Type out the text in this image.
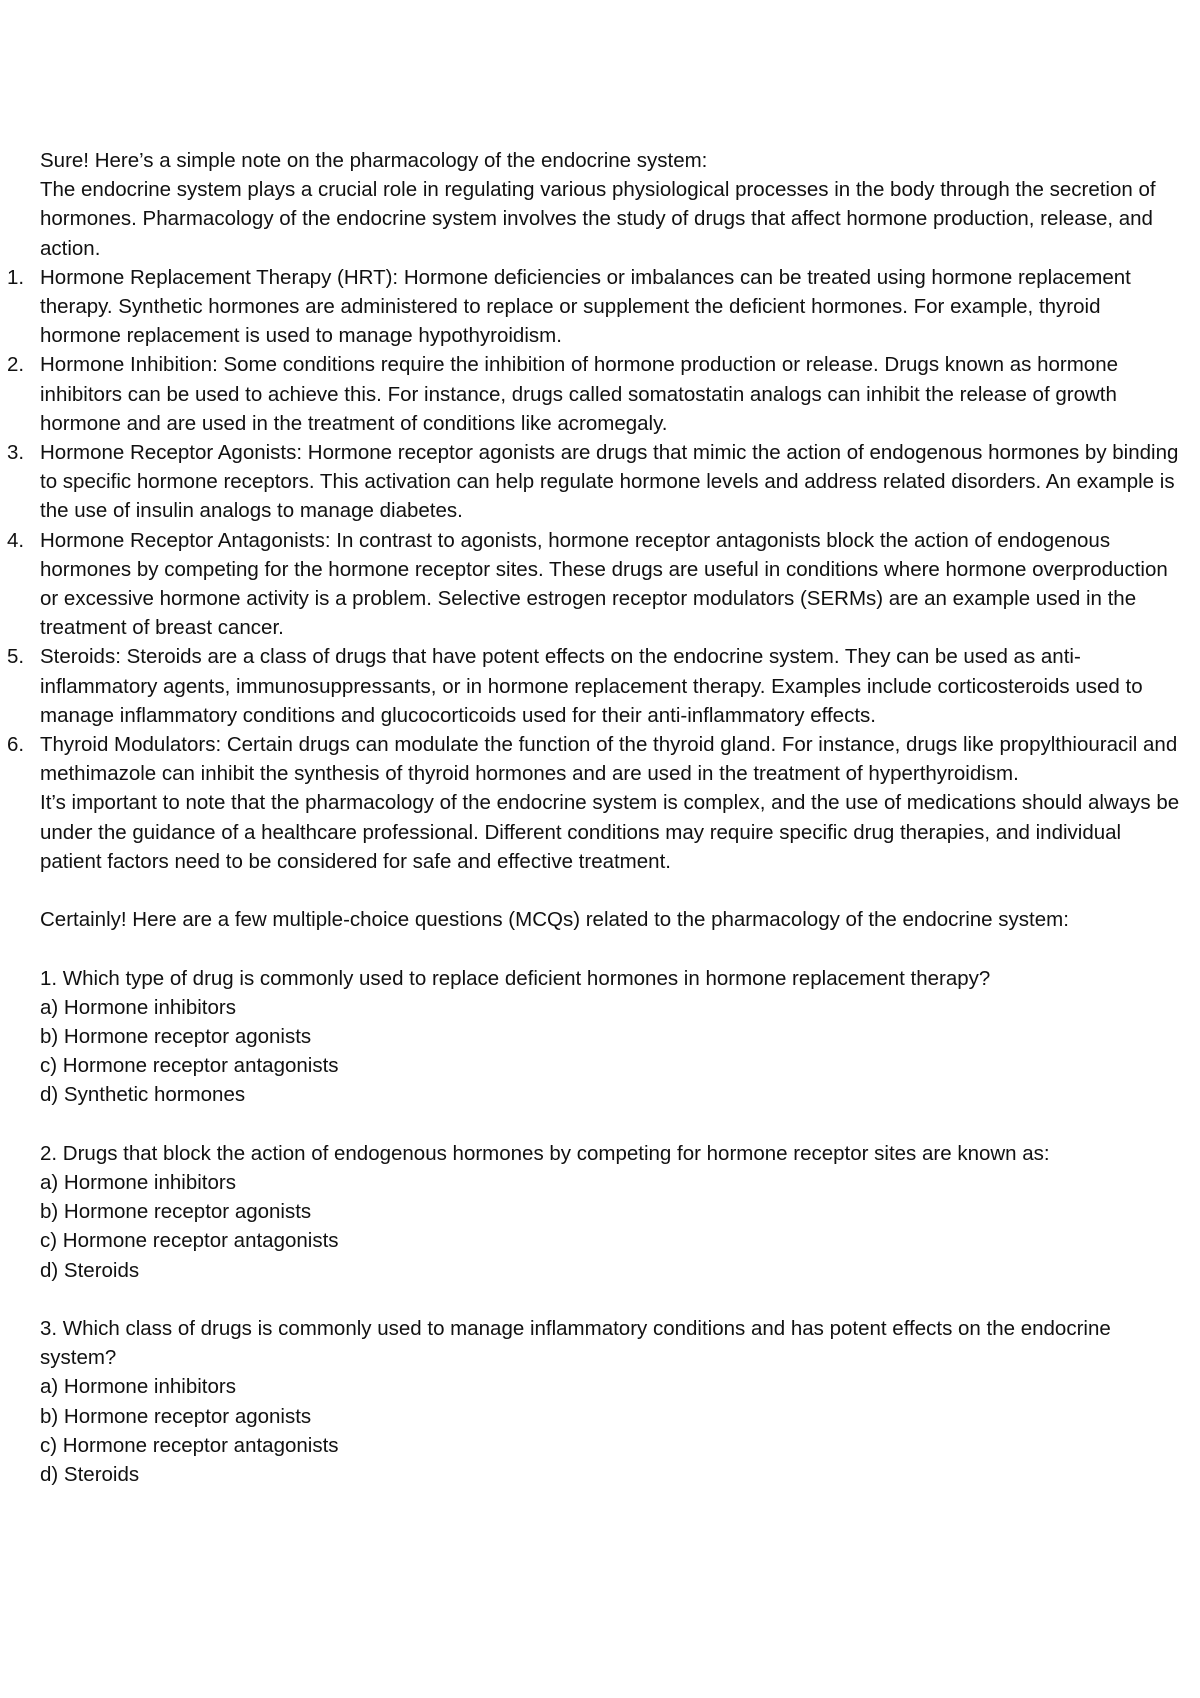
Sure! Here’s a simple note on the pharmacology of the endocrine system:

The endocrine system plays a crucial role in regulating various physiological processes in the body through the secretion of hormones. Pharmacology of the endocrine system involves the study of drugs that affect hormone production, release, and action.

1. Hormone Replacement Therapy (HRT): Hormone deficiencies or imbalances can be treated using hormone replacement therapy. Synthetic hormones are administered to replace or supplement the deficient hormones. For example, thyroid hormone replacement is used to manage hypothyroidism.
2. Hormone Inhibition: Some conditions require the inhibition of hormone production or release. Drugs known as hormone inhibitors can be used to achieve this. For instance, drugs called somatostatin analogs can inhibit the release of growth hormone and are used in the treatment of conditions like acromegaly.
3. Hormone Receptor Agonists: Hormone receptor agonists are drugs that mimic the action of endogenous hormones by binding to specific hormone receptors. This activation can help regulate hormone levels and address related disorders. An example is the use of insulin analogs to manage diabetes.
4. Hormone Receptor Antagonists: In contrast to agonists, hormone receptor antagonists block the action of endogenous hormones by competing for the hormone receptor sites. These drugs are useful in conditions where hormone overproduction or excessive hormone activity is a problem. Selective estrogen receptor modulators (SERMs) are an example used in the treatment of breast cancer.
5. Steroids: Steroids are a class of drugs that have potent effects on the endocrine system. They can be used as anti-inflammatory agents, immunosuppressants, or in hormone replacement therapy. Examples include corticosteroids used to manage inflammatory conditions and glucocorticoids used for their anti-inflammatory effects.
6. Thyroid Modulators: Certain drugs can modulate the function of the thyroid gland. For instance, drugs like propylthiouracil and methimazole can inhibit the synthesis of thyroid hormones and are used in the treatment of hyperthyroidism.

It’s important to note that the pharmacology of the endocrine system is complex, and the use of medications should always be under the guidance of a healthcare professional. Different conditions may require specific drug therapies, and individual patient factors need to be considered for safe and effective treatment.

Certainly! Here are a few multiple-choice questions (MCQs) related to the pharmacology of the endocrine system:

1. Which type of drug is commonly used to replace deficient hormones in hormone replacement therapy?

a) Hormone inhibitors

b) Hormone receptor agonists

c) Hormone receptor antagonists

d) Synthetic hormones

2. Drugs that block the action of endogenous hormones by competing for hormone receptor sites are known as:

a) Hormone inhibitors

b) Hormone receptor agonists

c) Hormone receptor antagonists

d) Steroids

3. Which class of drugs is commonly used to manage inflammatory conditions and has potent effects on the endocrine system?

a) Hormone inhibitors

b) Hormone receptor agonists

c) Hormone receptor antagonists

d) Steroids
